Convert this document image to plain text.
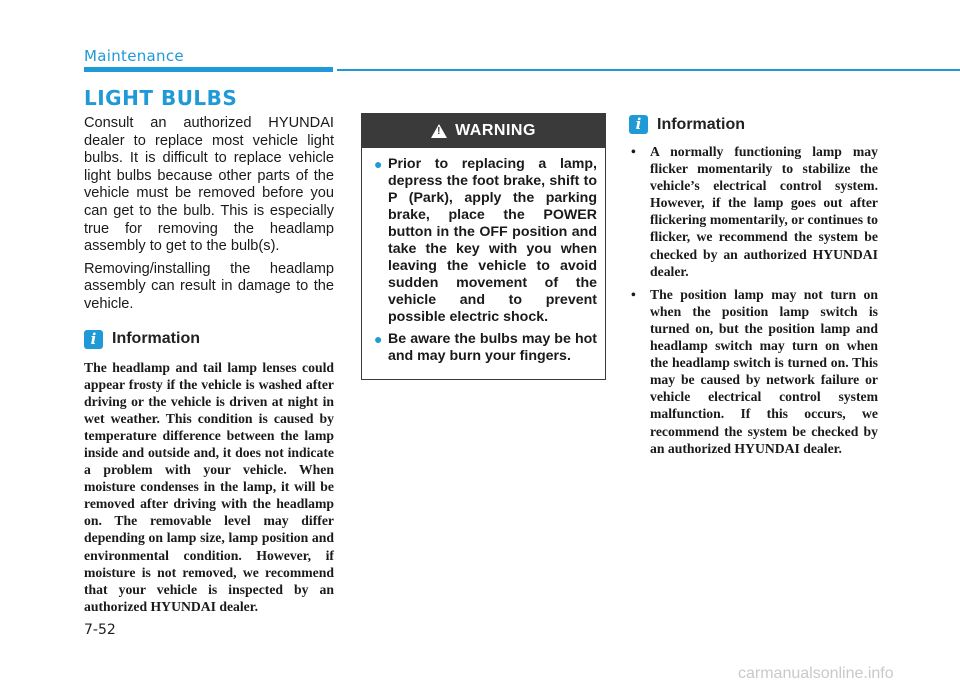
Maintenance
LIGHT BULBS

Consult an authorized HYUNDAI dealer to replace most vehicle light bulbs. It is difficult to replace vehicle light bulbs because other parts of the vehicle must be removed before you can get to the bulb. This is especially true for removing the headlamp assembly to get to the bulb(s).

Removing/installing the headlamp assembly can result in damage to the vehicle.

i Information

The headlamp and tail lamp lenses could appear frosty if the vehicle is washed after driving or the vehicle is driven at night in wet weather. This condition is caused by temperature difference between the lamp inside and outside and, it does not indicate a problem with your vehicle. When moisture condenses in the lamp, it will be removed after driving with the headlamp on. The removable level may differ depending on lamp size, lamp position and environmental condition. However, if moisture is not removed, we recommend that your vehicle is inspected by an authorized HYUNDAI dealer.

! WARNING
● Prior to replacing a lamp, depress the foot brake, shift to P (Park), apply the parking brake, place the POWER button in the OFF position and take the key with you when leaving the vehicle to avoid sudden movement of the vehicle and to prevent possible electric shock.
● Be aware the bulbs may be hot and may burn your fingers.
i Information
• A normally functioning lamp may flicker momentarily to stabilize the vehicle’s electrical control system. However, if the lamp goes out after flickering momentarily, or continues to flicker, we recommend the system be checked by an authorized HYUNDAI dealer.
• The position lamp may not turn on when the position lamp switch is turned on, but the position lamp and headlamp switch may turn on when the headlamp switch is turned on. This may be caused by network failure or vehicle electrical control system malfunction. If this occurs, we recommend the system be checked by an authorized HYUNDAI dealer.
7-52
carmanualsonline.info
